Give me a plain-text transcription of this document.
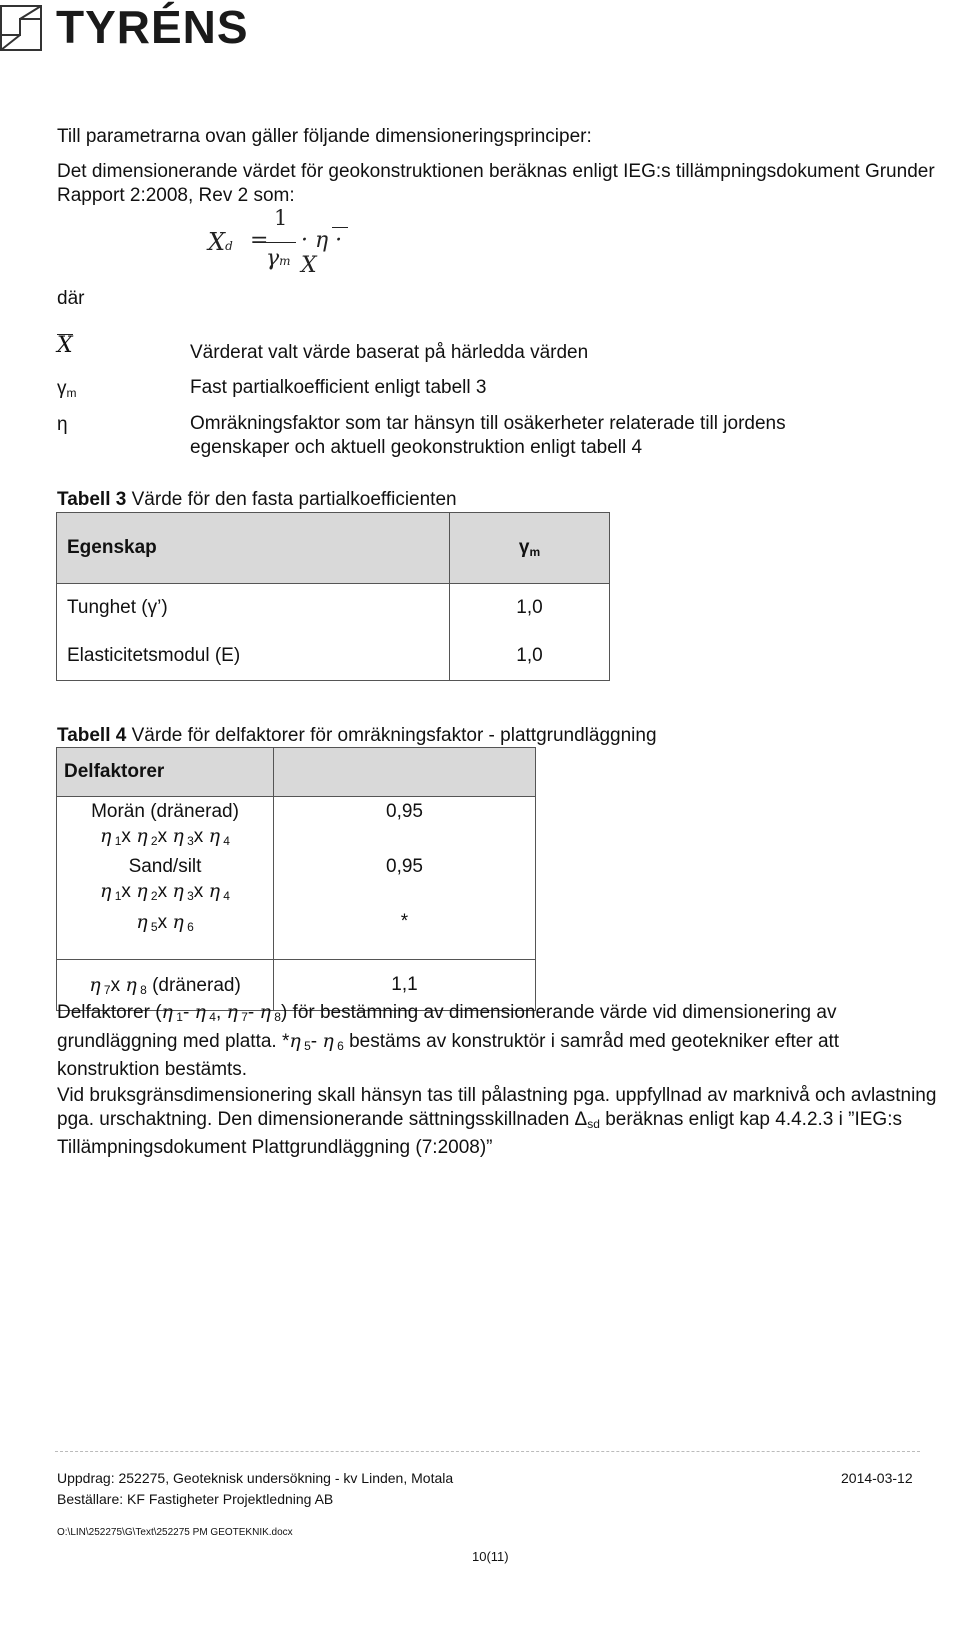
TYRÉNS
Till parametrarna ovan gäller följande dimensioneringsprinciper:
Det dimensionerande värdet för geokonstruktionen beräknas enligt IEG:s tillämpningsdokument Grunder Rapport 2:2008, Rev 2 som:
Xd =
1
γm
· η · X
där
X	Värderat valt värde baserat på härledda värden
$\gamma_m$	Fast partialkoefficient enligt tabell 3
η	Omräkningsfaktor som tar hänsyn till osäkerheter relaterade till jordens egenskaper och aktuell geokonstruktion enligt tabell 4
Tabell 3 Värde för den fasta partialkoefficienten
Egenskap	$\gamma_m$
Tunghet (γ’)	1,0
Elasticitetsmodul (E)	1,0
Tabell 4 Värde för delfaktorer för omräkningsfaktor - plattgrundläggning
Delfaktorer	

Morän (dränerad)
η $_1$x η $_2$x η $_3$x η $_4$	0,95

Sand/silt
η $_1$x η $_2$x η $_3$x η $_4$	0,95

η $_5$x η $_6$	*
η $_7$x η $_8$ (dränerad)	1,1
Delfaktorer (η $_1$- η $_4$, η $_7$- η $_8$) för bestämning av dimensionerande värde vid dimensionering av grundläggning med platta. *η $_5$- η $_6$ bestäms av konstruktör i samråd med geotekniker efter att konstruktion bestämts.
Vid bruksgränsdimensionering skall hänsyn tas till pålastning pga. uppfyllnad av marknivå och avlastning pga. urschaktning. Den dimensionerande sättningsskillnaden $\Delta_{sd}$ beräknas enligt kap 4.4.2.3 i ”IEG:s Tillämpningsdokument Plattgrundläggning (7:2008)”
Uppdrag: 252275, Geoteknisk undersökning - kv Linden, Motala	2014-03-12
Beställare: KF Fastigheter Projektledning AB
O:\LIN\252275\G\Text\252275 PM GEOTEKNIK.docx
10(11)
